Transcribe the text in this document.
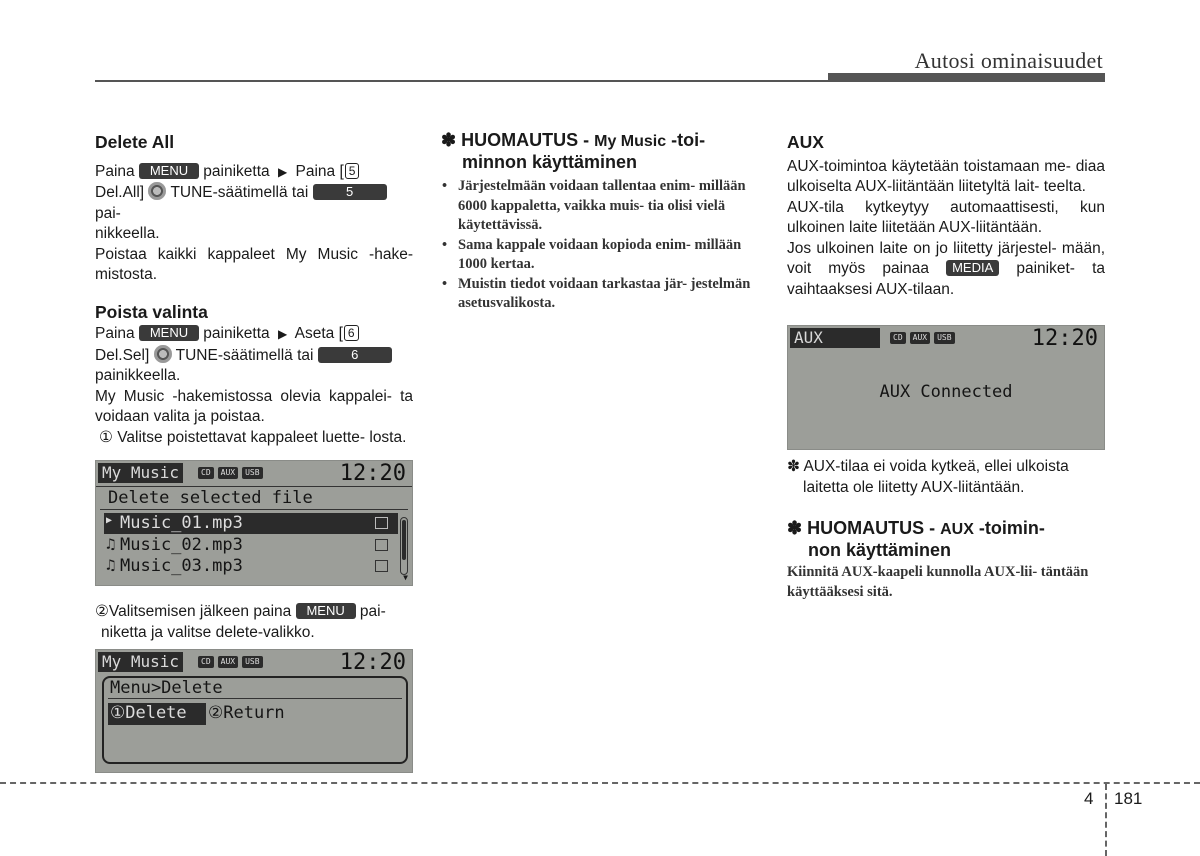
Autosi ominaisuudet
Delete All

Paina MENU painiketta ▶ Paina [ 5
Del.All] TUNE-säätimellä tai	5 pai-
nikkeella.

Poistaa kaikki kappaleet My Music -hake- mistosta.

Poista valinta

Paina MENU painiketta ▶ Aseta [ 6
Del.Sel] TUNE-säätimellä tai	6
painikkeella.

My Music -hakemistossa olevia kappalei- ta voidaan valita ja poistaa.

① Valitse poistettavat kappaleet luette- losta.

My Music	CD	AUX	USB	12:20
Delete selected file
▶ Music_01.mp3
♫ Music_02.mp3
♫ Music_03.mp3
▼

②Valitsemisen jälkeen paina MENU pai-
niketta ja valitse delete-valikko.

My Music	CD	AUX	USB	12:20
Menu>Delete
①Delete	②Return
✽ HUOMAUTUS - My Music -toi-
minnon käyttäminen
• Järjestelmään voidaan tallentaa enim- millään 6000 kappaletta, vaikka muis- tia olisi vielä käytettävissä.
• Sama kappale voidaan kopioda enim- millään 1000 kertaa.
• Muistin tiedot voidaan tarkastaa jär- jestelmän asetusvalikosta.
AUX

AUX-toimintoa käytetään toistamaan me- diaa ulkoiselta AUX-liitäntään liitetyltä lait- teelta.

AUX-tila kytkeytyy automaattisesti, kun ulkoinen laite liitetään AUX-liitäntään.

Jos ulkoinen laite on jo liitetty järjestel- mään, voit myös painaa MEDIA painiket- ta vaihtaaksesi AUX-tilaan.

AUX	CD	AUX	USB	12:20
AUX Connected

✽ AUX-tilaa ei voida kytkeä, ellei ulkoista laitetta ole liitetty AUX-liitäntään.

✽ HUOMAUTUS - AUX -toimin-
non käyttäminen

Kiinnitä AUX-kaapeli kunnolla AUX-lii- täntään käyttääksesi sitä.

4 181
